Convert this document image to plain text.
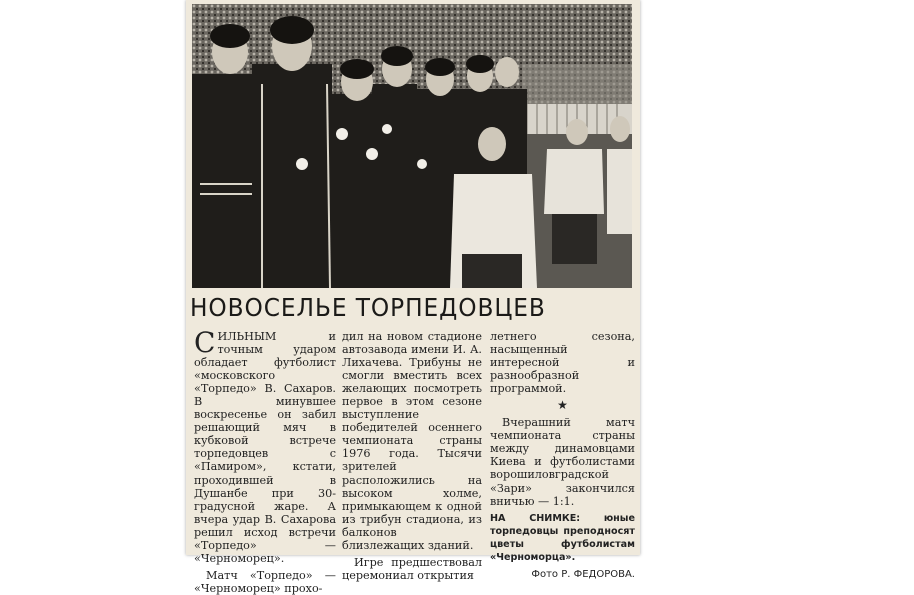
НОВОСЕЛЬЕ ТОРПЕДОВЦЕВ

СИЛЬНЫМ и точным ударом обладает футболист «московского «Торпедо» В. Сахаров. В минувшее воскресенье он забил решающий мяч в кубковой встрече торпедовцев с «Памиром», кстати, проходившей в Душанбе при 30-градусной жаре. А вчера удар В. Сахарова решил исход встречи «Торпедо» — «Черноморец».

Матч «Торпедо» — «Черноморец» прохо-

дил на новом стадионе автозавода имени И. А. Лихачева. Трибуны не смогли вместить всех желающих посмотреть первое в этом сезоне выступление победителей осеннего чемпионата страны 1976 года. Тысячи зрителей расположились на высоком холме, примыкающем к одной из трибун стадиона, из балконов близлежащих зданий.

Игре предшествовал церемониал открытия

летнего сезона, насыщенный интересной и разнообразной программой.

★

Вчерашний матч чемпионата страны между динамовцами Киева и футболистами ворошиловградской «Зари» закончился вничью — 1:1.

НА СНИМКЕ: юные торпедовцы преподносят цветы футболистам «Черноморца».
Фото Р. ФЕДОРОВА.
